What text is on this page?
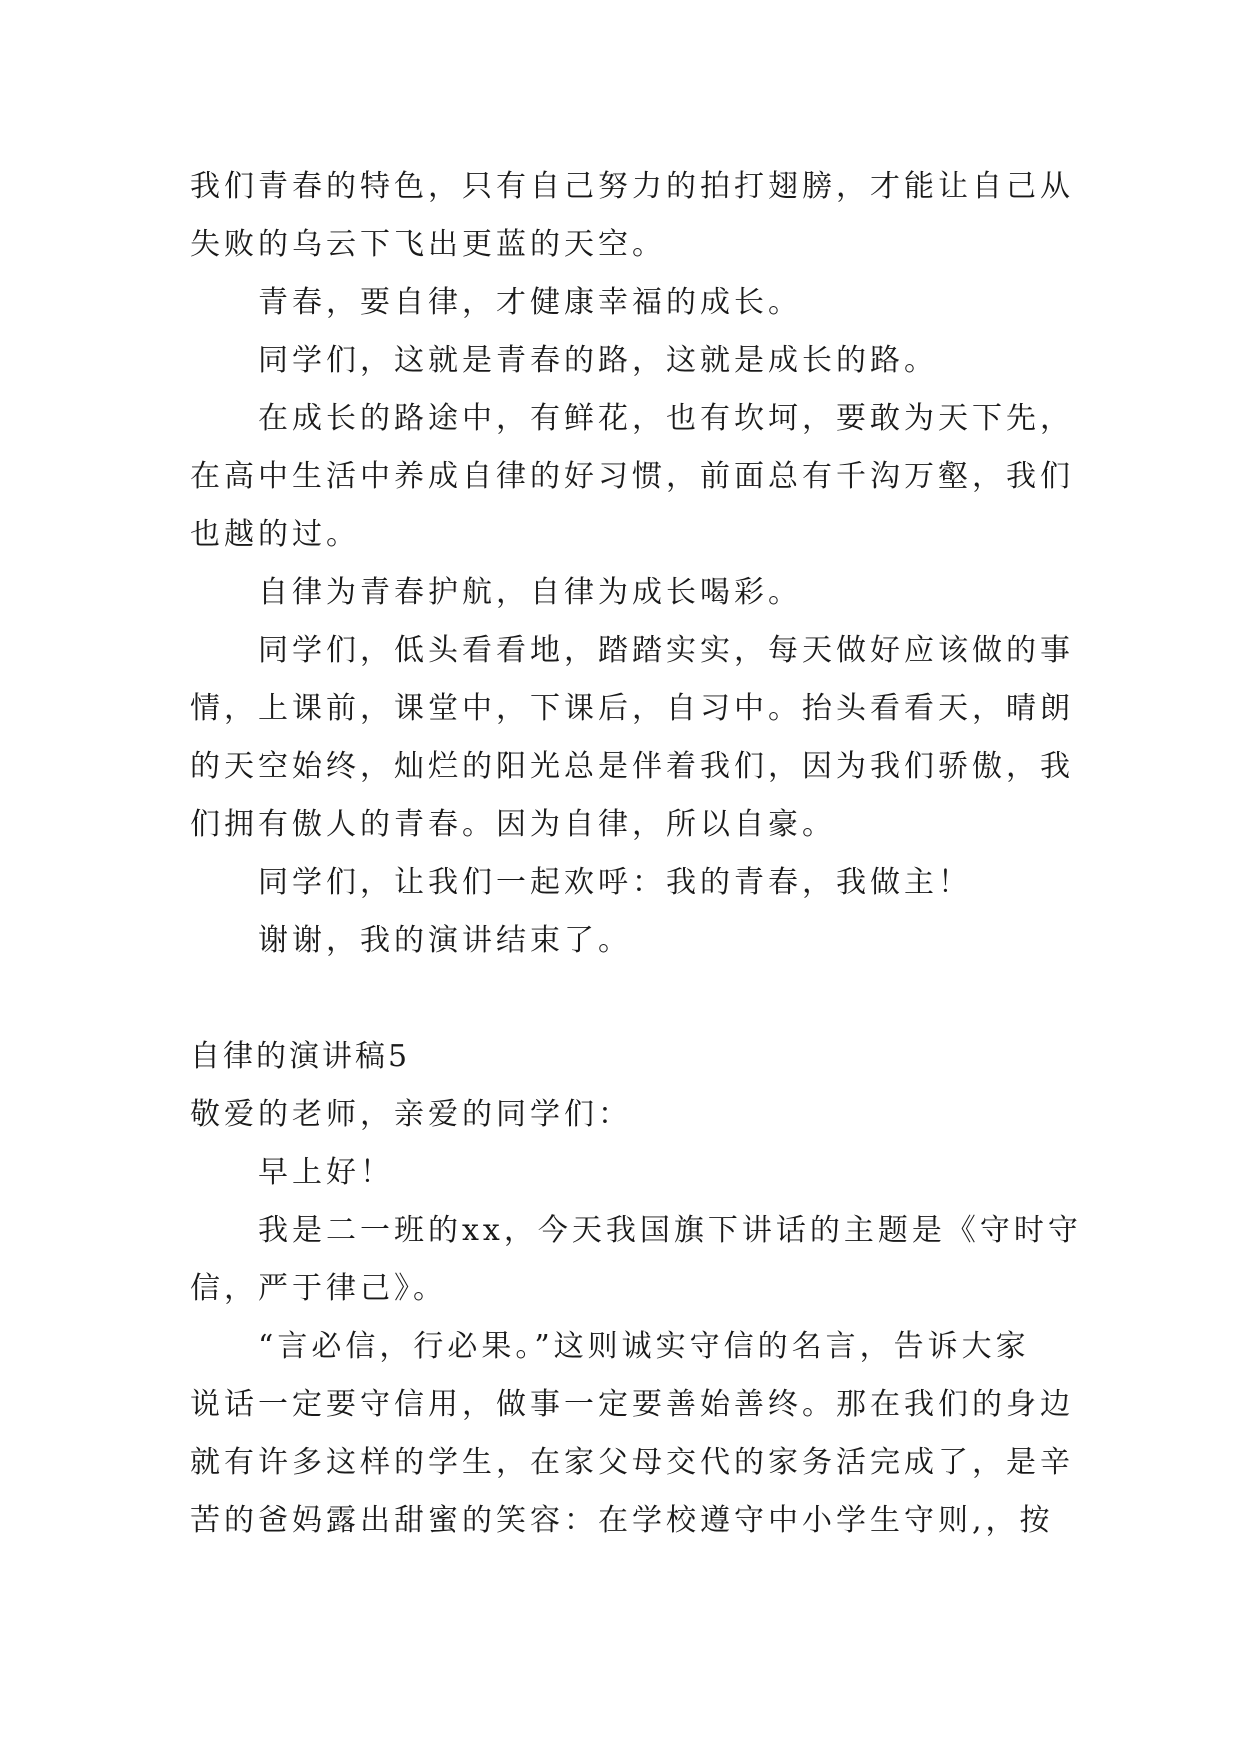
我们青春的特色，只有自己努力的拍打翅膀，才能让自己从
失败的乌云下飞出更蓝的天空。
青春，要自律，才健康幸福的成长。
同学们，这就是青春的路，这就是成长的路。
在成长的路途中，有鲜花，也有坎坷，要敢为天下先，
在高中生活中养成自律的好习惯，前面总有千沟万壑，我们
也越的过。
自律为青春护航，自律为成长喝彩。
同学们，低头看看地，踏踏实实，每天做好应该做的事
情，上课前，课堂中，下课后，自习中。抬头看看天，晴朗
的天空始终，灿烂的阳光总是伴着我们，因为我们骄傲，我
们拥有傲人的青春。因为自律，所以自豪。
同学们，让我们一起欢呼：我的青春，我做主！
谢谢，我的演讲结束了。
自律的演讲稿5
敬爱的老师，亲爱的同学们：
早上好！
我是二一班的xx，今天我国旗下讲话的主题是《守时守
信，严于律己》。
“言必信，行必果。”这则诚实守信的名言，告诉大家
说话一定要守信用，做事一定要善始善终。那在我们的身边
就有许多这样的学生，在家父母交代的家务活完成了，是辛
苦的爸妈露出甜蜜的笑容：在学校遵守中小学生守则,，按
